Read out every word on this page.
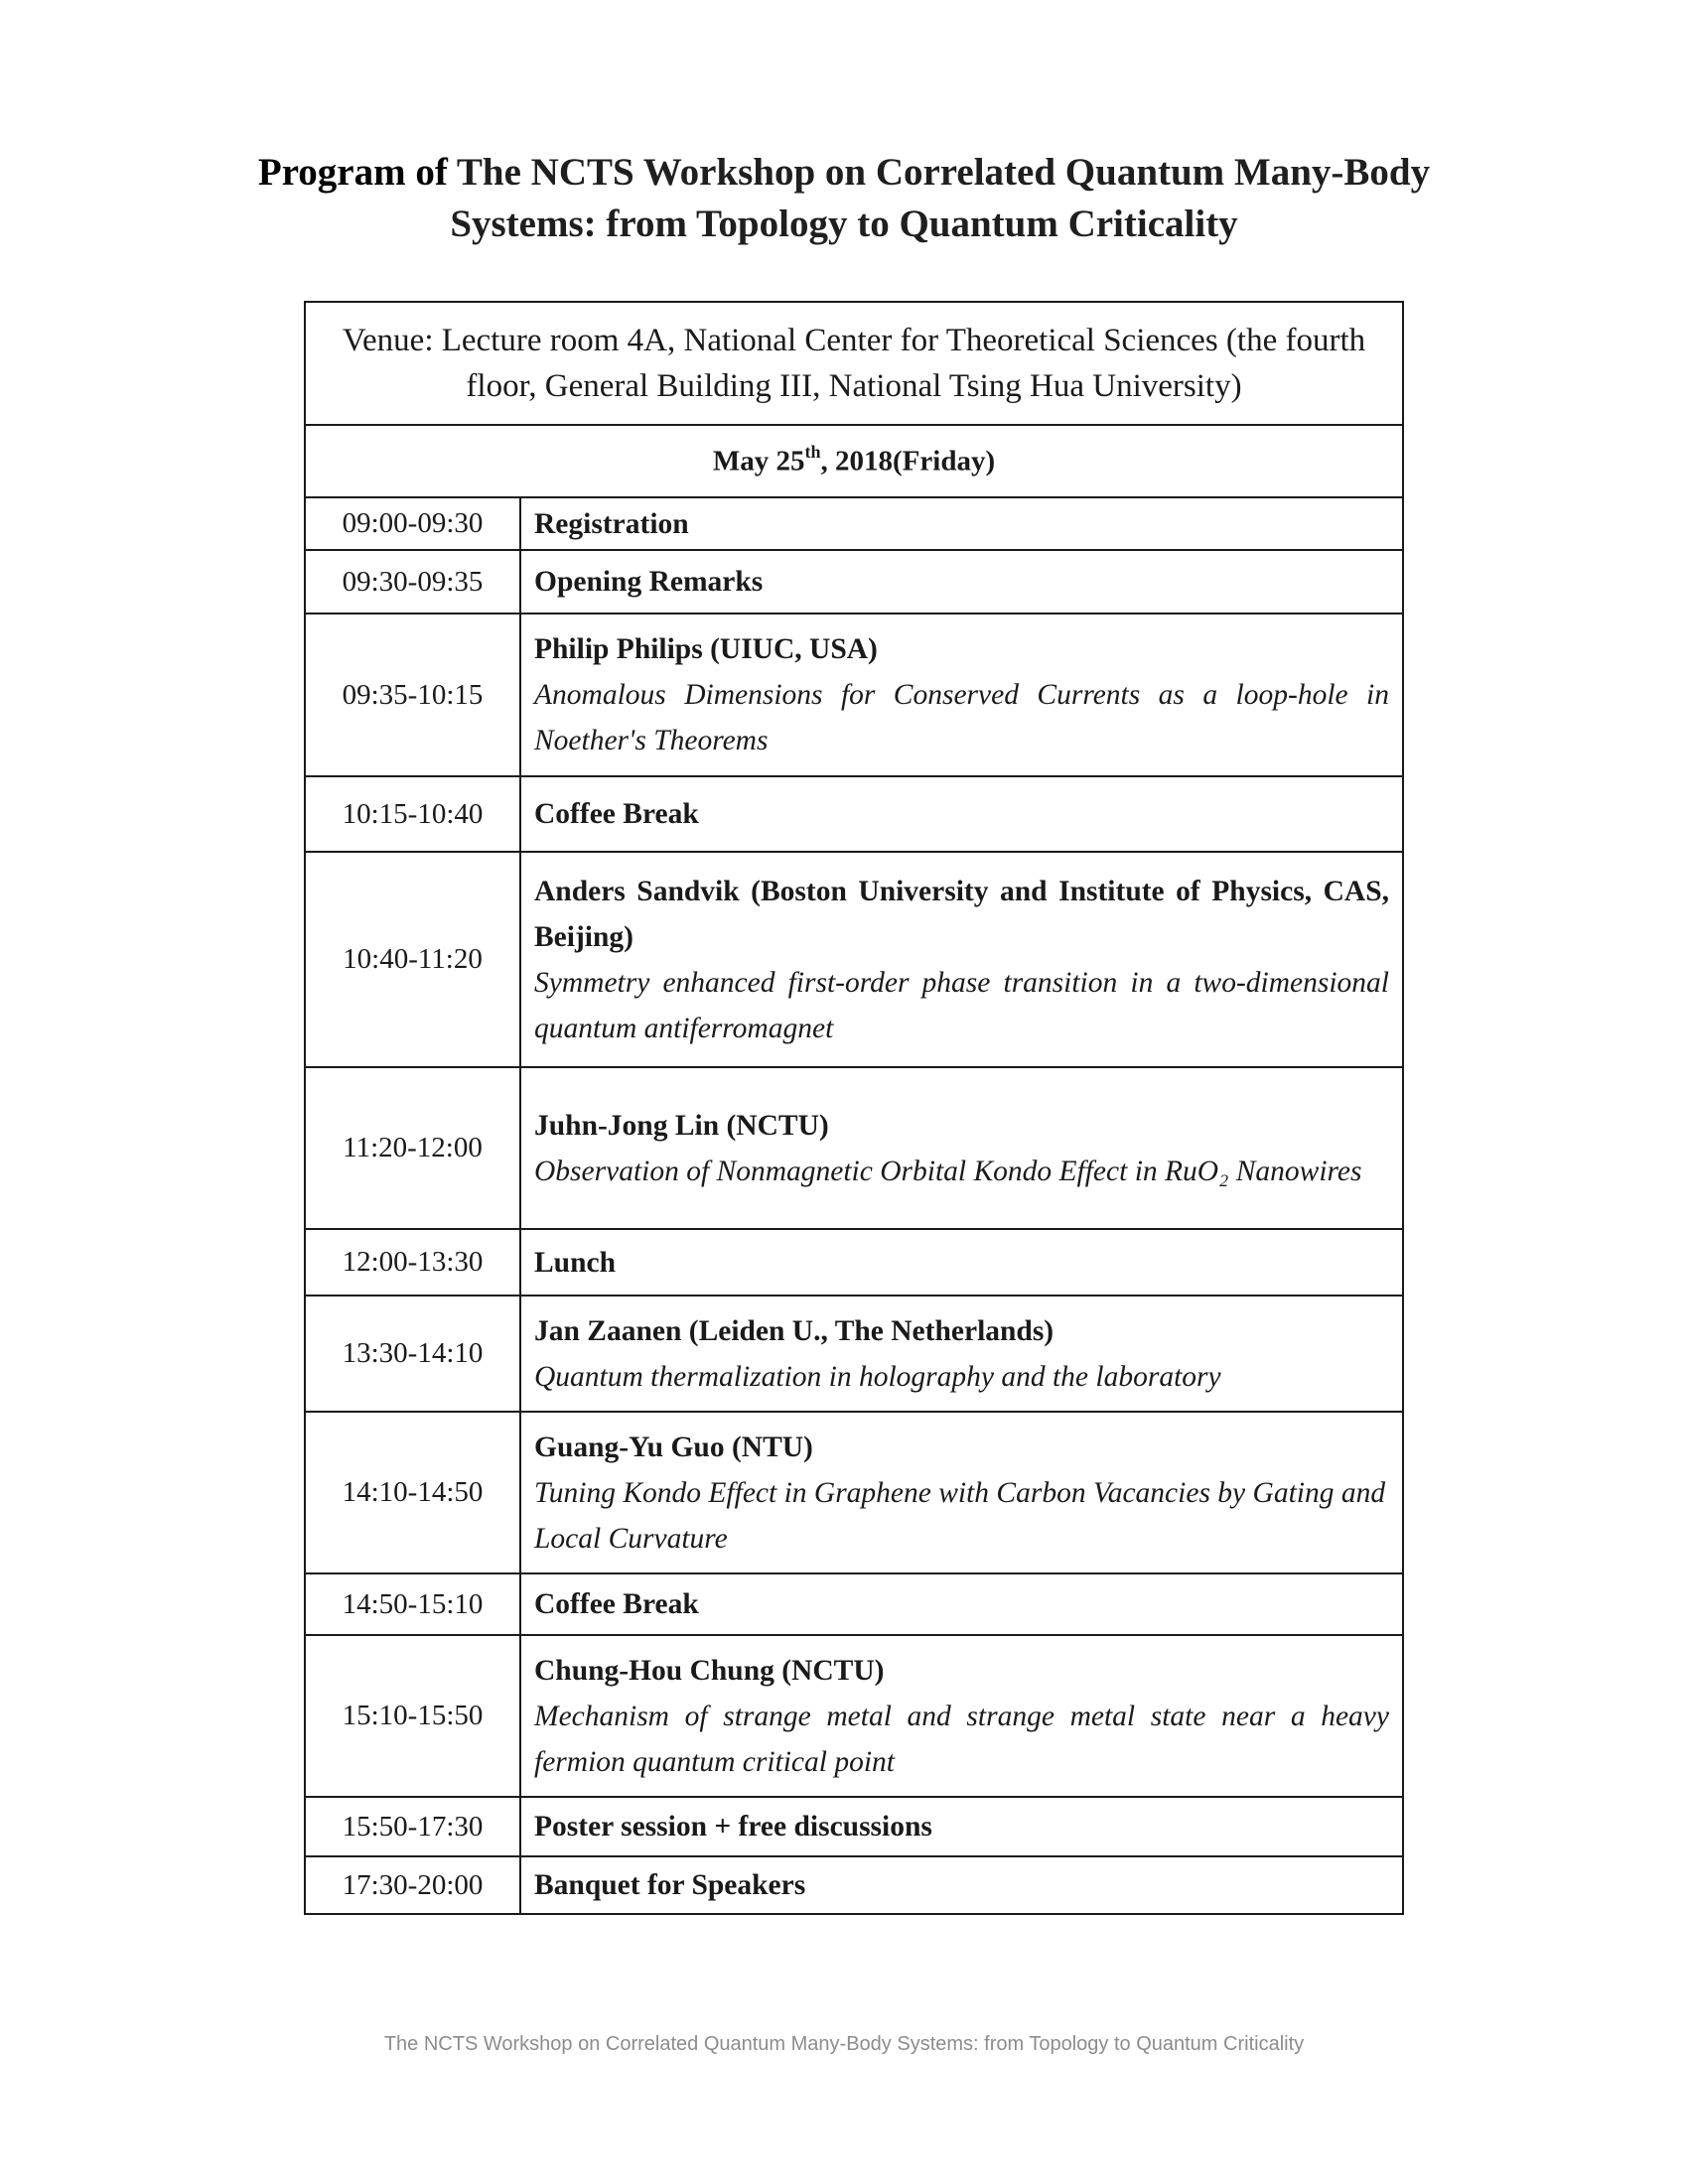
Program of The NCTS Workshop on Correlated Quantum Many-Body Systems: from Topology to Quantum Criticality
Venue: Lecture room 4A, National Center for Theoretical Sciences (the fourth floor, General Building III, National Tsing Hua University)	
May 25th, 2018(Friday)	
09:00-09:30	Registration
09:30-09:35	Opening Remarks
09:35-10:15	Philip Philips (UIUC, USA)
Anomalous Dimensions for Conserved Currents as a loop-hole in Noether's Theorems

10:15-10:40	Coffee Break
10:40-11:20	Anders Sandvik (Boston University and Institute of Physics, CAS, Beijing)
Symmetry enhanced first-order phase transition in a two-dimensional quantum antiferromagnet

11:20-12:00	Juhn-Jong Lin (NCTU)
Observation of Nonmagnetic Orbital Kondo Effect in RuO₂ Nanowires

12:00-13:30	Lunch
13:30-14:10	Jan Zaanen (Leiden U., The Netherlands)
Quantum thermalization in holography and the laboratory

14:10-14:50	Guang-Yu Guo (NTU)
Tuning Kondo Effect in Graphene with Carbon Vacancies by Gating and Local Curvature

14:50-15:10	Coffee Break
15:10-15:50	Chung-Hou Chung (NCTU)
Mechanism of strange metal and strange metal state near a heavy fermion quantum critical point

15:50-17:30	Poster session + free discussions
17:30-20:00	Banquet for Speakers
The NCTS Workshop on Correlated Quantum Many-Body Systems: from Topology to Quantum Criticality
